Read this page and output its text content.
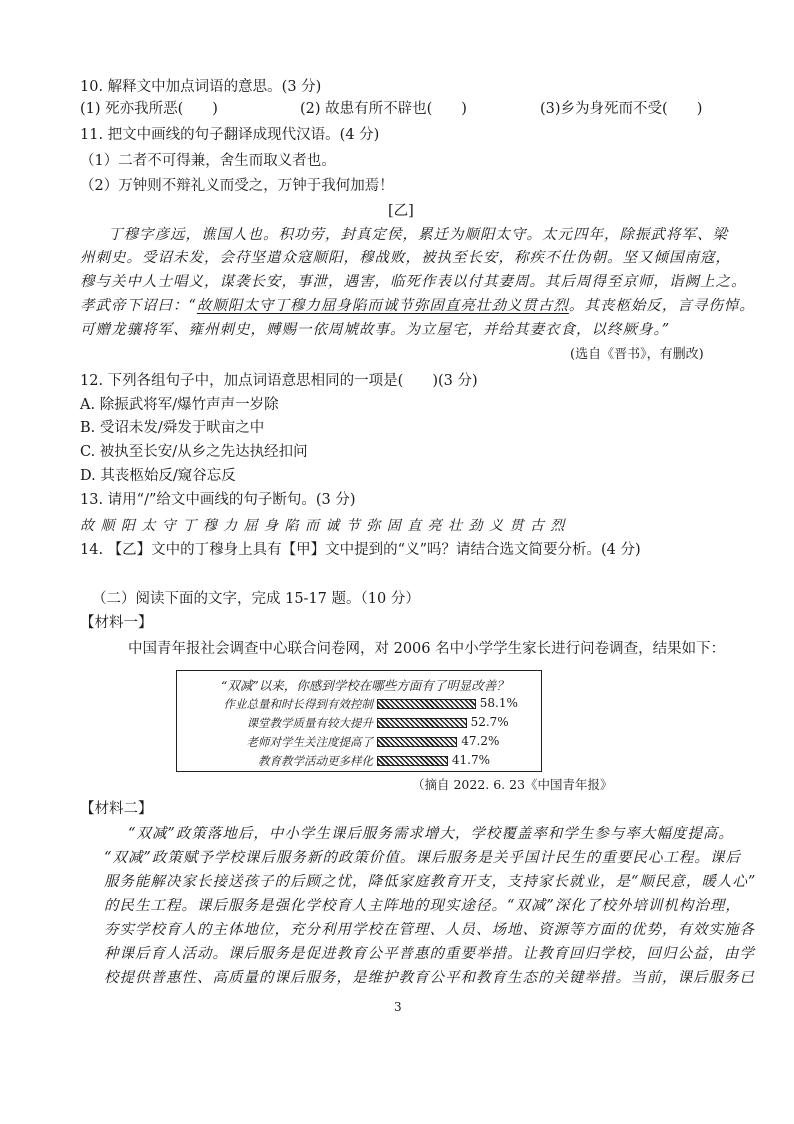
10. 解释文中加点词语的意思。(3 分)
(1) 死亦我所恶(　　)	(2) 故患有所不辟也(　　)	(3)乡为身死而不受(　　)
11. 把文中画线的句子翻译成现代汉语。(4 分)
（1）二者不可得兼，舍生而取义者也。
（2）万钟则不辩礼义而受之，万钟于我何加焉！
[乙]
丁穆字彦远，谯国人也。积功劳，封真定侯，累迁为顺阳太守。太元四年，除振武将军、梁
州刺史。受诏未发，会苻坚遣众寇顺阳，穆战败，被执至长安，称疾不仕伪朝。坚又倾国南寇，
穆与关中人士唱义，谋袭长安，事泄，遇害，临死作表以付其妻周。其后周得至京师，诣阙上之。
孝武帝下诏曰：“故顺阳太守丁穆力屈身陷而诚节弥固直亮壮劲义贯古烈。其丧柩始反，言寻伤悼。
可赠龙骧将军、雍州刺史，赙赐一依周虓故事。为立屋宅，并给其妻衣食，以终厥身。”
(选自《晋书》，有删改)
12. 下列各组句子中，加点词语意思相同的一项是(　　)(3 分)
A. 除振武将军/爆竹声声一岁除
B. 受诏未发/舜发于畎亩之中
C. 被执至长安/从乡之先达执经扣问
D. 其丧柩始反/窥谷忘反
13. 请用“/”给文中画线的句子断句。(3 分)
故 顺 阳 太 守 丁 穆 力 屈 身 陷 而 诚 节 弥 固 直 亮 壮 劲 义 贯 古 烈
14. 【乙】文中的丁穆身上具有【甲】文中提到的“义”吗？请结合选文简要分析。(4 分)
（二）阅读下面的文字，完成 15-17 题。（10 分）
【材料一】
中国青年报社会调查中心联合问卷网，对 2006 名中小学学生家长进行问卷调查，结果如下：
“双减”以来，你感到学校在哪些方面有了明显改善？
作业总量和时长得到有效控制
课堂教学质量有较大提升
老师对学生关注度提高了
教育教学活动更多样化
58.1%
52.7%
47.2%
41.7%
（摘自 2022. 6. 23《中国青年报》
【材料二】
“双减”政策落地后，中小学生课后服务需求增大，学校覆盖率和学生参与率大幅度提高。
“双减”政策赋予学校课后服务新的政策价值。课后服务是关乎国计民生的重要民心工程。课后
服务能解决家长接送孩子的后顾之忧，降低家庭教育开支，支持家长就业，是“顺民意，暖人心”
的民生工程。课后服务是强化学校育人主阵地的现实途径。“双减”深化了校外培训机构治理，
夯实学校育人的主体地位，充分利用学校在管理、人员、场地、资源等方面的优势，有效实施各
种课后育人活动。课后服务是促进教育公平普惠的重要举措。让教育回归学校，回归公益，由学
校提供普惠性、高质量的课后服务，是维护教育公平和教育生态的关键举措。当前，课后服务已
3
